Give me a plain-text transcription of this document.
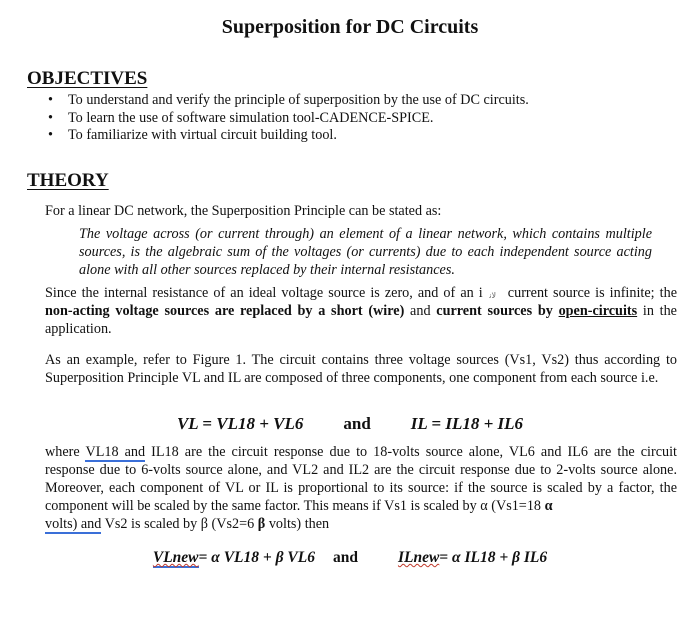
Superposition for DC Circuits
OBJECTIVES
• To understand and verify the principle of superposition by the use of DC circuits.
• To learn the use of software simulation tool-CADENCE-SPICE.
• To familiarize with virtual circuit building tool.
THEORY
For a linear DC network, the Superposition Principle can be stated as:
The voltage across (or current through) an element of a linear network, which contains multiple sources, is the algebraic sum of the voltages (or currents) due to each independent source acting alone with all other sources replaced by their internal resistances.
Since the internal resistance of an ideal voltage source is zero, and of an i ﻻﻧ current source is infinite; the non-acting voltage sources are replaced by a short (wire) and current sources by open-circuits in the application.
As an example, refer to Figure 1. The circuit contains three voltage sources (Vs1, Vs2) thus according to Superposition Principle VL and IL are composed of three components, one component from each source i.e.
VL = VL18 + VL6 and IL = IL18 + IL6
where VL18 and IL18 are the circuit response due to 18-volts source alone, VL6 and IL6 are the circuit response due to 6-volts source alone, and VL2 and IL2 are the circuit response due to 2-volts source alone. Moreover, each component of VL or IL is proportional to its source: if the source is scaled by a factor, the component will be scaled by the same factor. This means if Vs1 is scaled by α (Vs1=18 α
volts) and Vs2 is scaled by β (Vs2=6 β volts) then
VLnew= α VL18 + β VL6 and	ILnew= α IL18 + β IL6
